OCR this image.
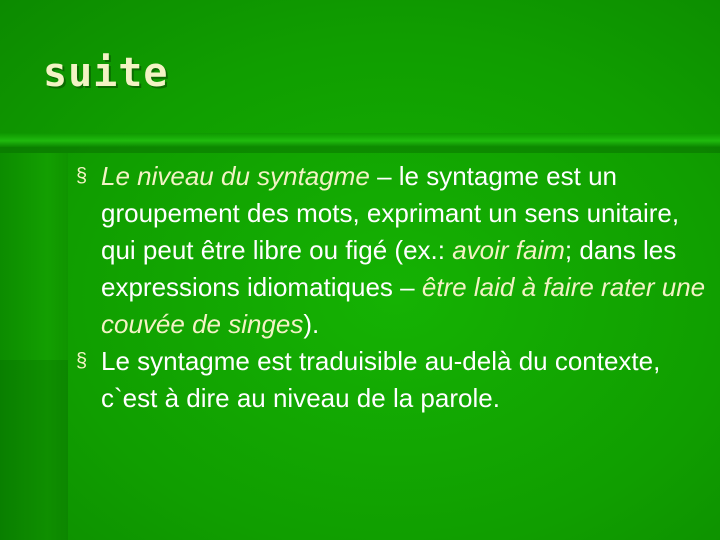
suite

§ Le niveau du syntagme – le syntagme est un groupement des mots, exprimant un sens unitaire, qui peut être libre ou figé (ex.: avoir faim; dans les expressions idiomatiques – être laid à faire rater une couvée de singes).

§ Le syntagme est traduisible au-delà du contexte, c`est à dire au niveau de la parole.
